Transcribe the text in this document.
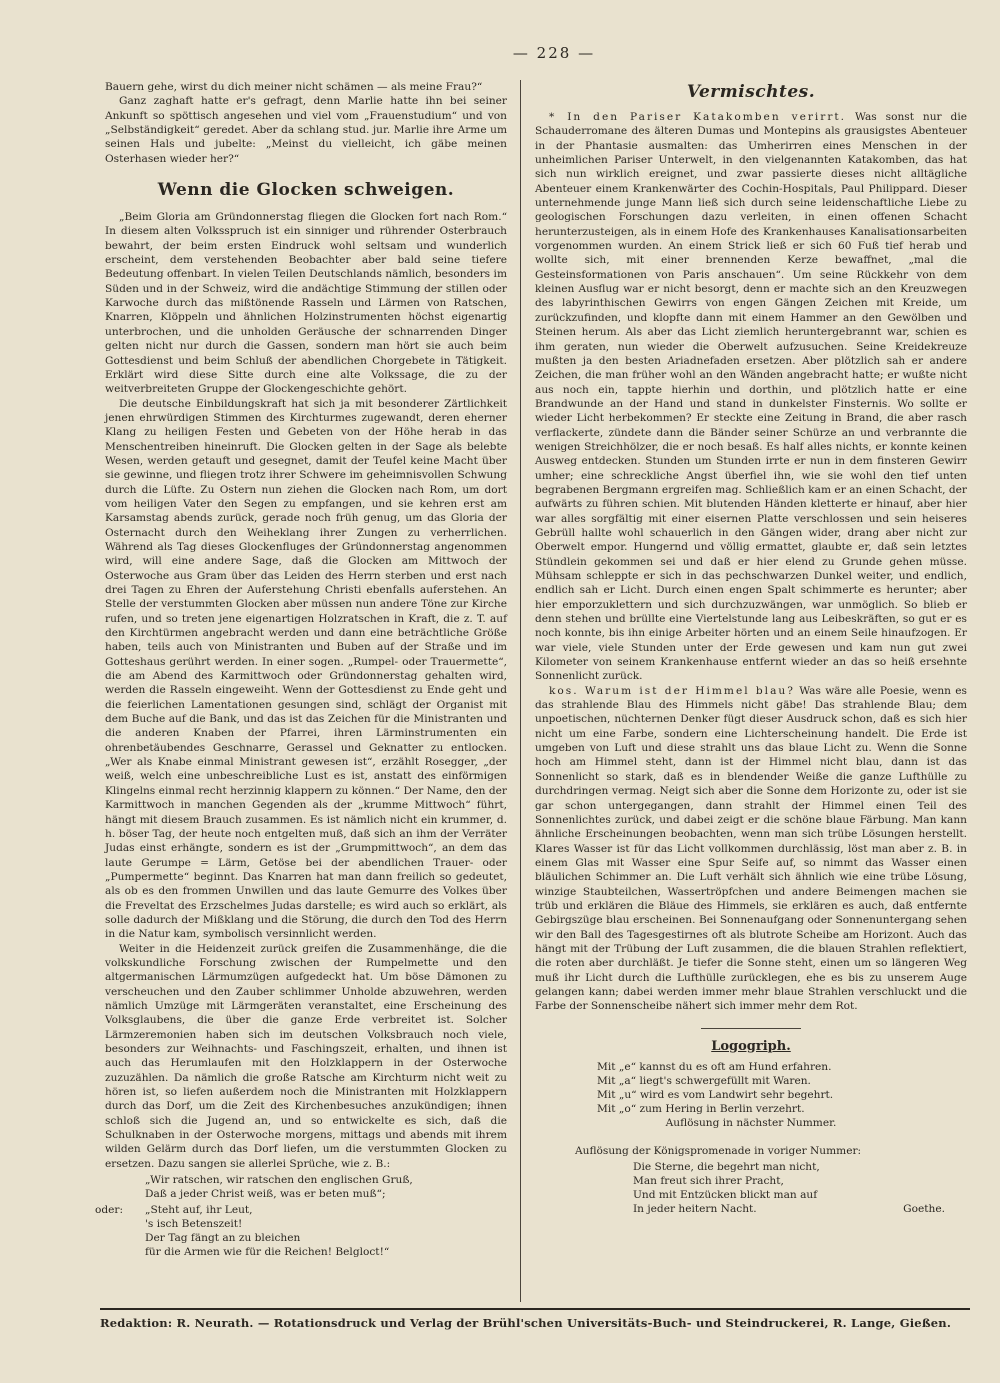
— 228 —

Bauern gehe, wirst du dich meiner nicht schämen — als meine Frau?“

Ganz zaghaft hatte er's gefragt, denn Marlie hatte ihn bei seiner Ankunft so spöttisch angesehen und viel vom „Frauenstudium“ und von „Selbständigkeit“ geredet. Aber da schlang stud. jur. Marlie ihre Arme um seinen Hals und jubelte: „Meinst du vielleicht, ich gäbe meinen Osterhasen wieder her?“

Wenn die Glocken schweigen.

„Beim Gloria am Gründonnerstag fliegen die Glocken fort nach Rom.“ In diesem alten Volksspruch ist ein sinniger und rührender Osterbrauch bewahrt, der beim ersten Eindruck wohl seltsam und wunderlich erscheint, dem verstehenden Beobachter aber bald seine tiefere Bedeutung offenbart. In vielen Teilen Deutschlands nämlich, besonders im Süden und in der Schweiz, wird die andächtige Stimmung der stillen oder Karwoche durch das mißtönende Rasseln und Lärmen von Ratschen, Knarren, Klöppeln und ähnlichen Holzinstrumenten höchst eigenartig unterbrochen, und die unholden Geräusche der schnarrenden Dinger gelten nicht nur durch die Gassen, sondern man hört sie auch beim Gottesdienst und beim Schluß der abendlichen Chorgebete in Tätigkeit. Erklärt wird diese Sitte durch eine alte Volkssage, die zu der weitverbreiteten Gruppe der Glockengeschichte gehört.

Die deutsche Einbildungskraft hat sich ja mit besonderer Zärtlichkeit jenen ehrwürdigen Stimmen des Kirchturmes zugewandt, deren eherner Klang zu heiligen Festen und Gebeten von der Höhe herab in das Menschentreiben hineinruft. Die Glocken gelten in der Sage als belebte Wesen, werden getauft und gesegnet, damit der Teufel keine Macht über sie gewinne, und fliegen trotz ihrer Schwere im geheimnisvollen Schwung durch die Lüfte. Zu Ostern nun ziehen die Glocken nach Rom, um dort vom heiligen Vater den Segen zu empfangen, und sie kehren erst am Karsamstag abends zurück, gerade noch früh genug, um das Gloria der Osternacht durch den Weiheklang ihrer Zungen zu verherrlichen. Während als Tag dieses Glockenfluges der Gründonnerstag angenommen wird, will eine andere Sage, daß die Glocken am Mittwoch der Osterwoche aus Gram über das Leiden des Herrn sterben und erst nach drei Tagen zu Ehren der Auferstehung Christi ebenfalls auferstehen. An Stelle der verstummten Glocken aber müssen nun andere Töne zur Kirche rufen, und so treten jene eigenartigen Holzratschen in Kraft, die z. T. auf den Kirchtürmen angebracht werden und dann eine beträchtliche Größe haben, teils auch von Ministranten und Buben auf der Straße und im Gotteshaus gerührt werden. In einer sogen. „Rumpel- oder Trauermette“, die am Abend des Karmittwoch oder Gründonnerstag gehalten wird, werden die Rasseln eingeweiht. Wenn der Gottesdienst zu Ende geht und die feierlichen Lamentationen gesungen sind, schlägt der Organist mit dem Buche auf die Bank, und das ist das Zeichen für die Ministranten und die anderen Knaben der Pfarrei, ihren Lärminstrumenten ein ohrenbetäubendes Geschnarre, Gerassel und Geknatter zu entlocken. „Wer als Knabe einmal Ministrant gewesen ist“, erzählt Rosegger, „der weiß, welch eine unbeschreibliche Lust es ist, anstatt des einförmigen Klingelns einmal recht herzinnig klappern zu können.“ Der Name, den der Karmittwoch in manchen Gegenden als der „krumme Mittwoch“ führt, hängt mit diesem Brauch zusammen. Es ist nämlich nicht ein krummer, d. h. böser Tag, der heute noch entgelten muß, daß sich an ihm der Verräter Judas einst erhängte, sondern es ist der „Grumpmittwoch“, an dem das laute Gerumpe = Lärm, Getöse bei der abendlichen Trauer- oder „Pumpermette“ beginnt. Das Knarren hat man dann freilich so gedeutet, als ob es den frommen Unwillen und das laute Gemurre des Volkes über die Freveltat des Erzschelmes Judas darstelle; es wird auch so erklärt, als solle dadurch der Mißklang und die Störung, die durch den Tod des Herrn in die Natur kam, symbolisch versinnlicht werden.

Weiter in die Heidenzeit zurück greifen die Zusammenhänge, die die volkskundliche Forschung zwischen der Rumpelmette und den altgermanischen Lärmumzügen aufgedeckt hat. Um böse Dämonen zu verscheuchen und den Zauber schlimmer Unholde abzuwehren, werden nämlich Umzüge mit Lärmgeräten veranstaltet, eine Erscheinung des Volksglaubens, die über die ganze Erde verbreitet ist. Solcher Lärmzeremonien haben sich im deutschen Volksbrauch noch viele, besonders zur Weihnachts- und Faschingszeit, erhalten, und ihnen ist auch das Herumlaufen mit den Holzklappern in der Osterwoche zuzuzählen. Da nämlich die große Ratsche am Kirchturm nicht weit zu hören ist, so liefen außerdem noch die Ministranten mit Holzklappern durch das Dorf, um die Zeit des Kirchenbesuches anzukündigen; ihnen schloß sich die Jugend an, und so entwickelte es sich, daß die Schulknaben in der Osterwoche morgens, mittags und abends mit ihrem wilden Gelärm durch das Dorf liefen, um die verstummten Glocken zu ersetzen. Dazu sangen sie allerlei Sprüche, wie z. B.:

„Wir ratschen, wir ratschen den englischen Gruß,
Daß a jeder Christ weiß, was er beten muß“;
oder: „Steht auf, ihr Leut,
's isch Betenszeit!
Der Tag fängt an zu bleichen
für die Armen wie für die Reichen! Belgloct!“
Vermischtes.

* In den Pariser Katakomben verirrt. Was sonst nur die Schauderromane des älteren Dumas und Montepins als grausigstes Abenteuer in der Phantasie ausmalten: das Umherirren eines Menschen in der unheimlichen Pariser Unterwelt, in den vielgenannten Katakomben, das hat sich nun wirklich ereignet, und zwar passierte dieses nicht alltägliche Abenteuer einem Krankenwärter des Cochin-Hospitals, Paul Philippard. Dieser unternehmende junge Mann ließ sich durch seine leidenschaftliche Liebe zu geologischen Forschungen dazu verleiten, in einen offenen Schacht herunterzusteigen, als in einem Hofe des Krankenhauses Kanalisationsarbeiten vorgenommen wurden. An einem Strick ließ er sich 60 Fuß tief herab und wollte sich, mit einer brennenden Kerze bewaffnet, „mal die Gesteinsformationen von Paris anschauen“. Um seine Rückkehr von dem kleinen Ausflug war er nicht besorgt, denn er machte sich an den Kreuzwegen des labyrinthischen Gewirrs von engen Gängen Zeichen mit Kreide, um zurückzufinden, und klopfte dann mit einem Hammer an den Gewölben und Steinen herum. Als aber das Licht ziemlich heruntergebrannt war, schien es ihm geraten, nun wieder die Oberwelt aufzusuchen. Seine Kreidekreuze mußten ja den besten Ariadnefaden ersetzen. Aber plötzlich sah er andere Zeichen, die man früher wohl an den Wänden angebracht hatte; er wußte nicht aus noch ein, tappte hierhin und dorthin, und plötzlich hatte er eine Brandwunde an der Hand und stand in dunkelster Finsternis. Wo sollte er wieder Licht herbekommen? Er steckte eine Zeitung in Brand, die aber rasch verflackerte, zündete dann die Bänder seiner Schürze an und verbrannte die wenigen Streichhölzer, die er noch besaß. Es half alles nichts, er konnte keinen Ausweg entdecken. Stunden um Stunden irrte er nun in dem finsteren Gewirr umher; eine schreckliche Angst überfiel ihn, wie sie wohl den tief unten begrabenen Bergmann ergreifen mag. Schließlich kam er an einen Schacht, der aufwärts zu führen schien. Mit blutenden Händen kletterte er hinauf, aber hier war alles sorgfältig mit einer eisernen Platte verschlossen und sein heiseres Gebrüll hallte wohl schauerlich in den Gängen wider, drang aber nicht zur Oberwelt empor. Hungernd und völlig ermattet, glaubte er, daß sein letztes Stündlein gekommen sei und daß er hier elend zu Grunde gehen müsse. Mühsam schleppte er sich in das pechschwarzen Dunkel weiter, und endlich, endlich sah er Licht. Durch einen engen Spalt schimmerte es herunter; aber hier emporzuklettern und sich durchzuzwängen, war unmöglich. So blieb er denn stehen und brüllte eine Viertelstunde lang aus Leibeskräften, so gut er es noch konnte, bis ihn einige Arbeiter hörten und an einem Seile hinaufzogen. Er war viele, viele Stunden unter der Erde gewesen und kam nun gut zwei Kilometer von seinem Krankenhause entfernt wieder an das so heiß ersehnte Sonnenlicht zurück.

kos. Warum ist der Himmel blau? Was wäre alle Poesie, wenn es das strahlende Blau des Himmels nicht gäbe! Das strahlende Blau; dem unpoetischen, nüchternen Denker fügt dieser Ausdruck schon, daß es sich hier nicht um eine Farbe, sondern eine Lichterscheinung handelt. Die Erde ist umgeben von Luft und diese strahlt uns das blaue Licht zu. Wenn die Sonne hoch am Himmel steht, dann ist der Himmel nicht blau, dann ist das Sonnenlicht so stark, daß es in blendender Weiße die ganze Lufthülle zu durchdringen vermag. Neigt sich aber die Sonne dem Horizonte zu, oder ist sie gar schon untergegangen, dann strahlt der Himmel einen Teil des Sonnenlichtes zurück, und dabei zeigt er die schöne blaue Färbung. Man kann ähnliche Erscheinungen beobachten, wenn man sich trübe Lösungen herstellt. Klares Wasser ist für das Licht vollkommen durchlässig, löst man aber z. B. in einem Glas mit Wasser eine Spur Seife auf, so nimmt das Wasser einen bläulichen Schimmer an. Die Luft verhält sich ähnlich wie eine trübe Lösung, winzige Staubteilchen, Wassertröpfchen und andere Beimengen machen sie trüb und erklären die Bläue des Himmels, sie erklären es auch, daß entfernte Gebirgszüge blau erscheinen. Bei Sonnenaufgang oder Sonnenuntergang sehen wir den Ball des Tagesgestirnes oft als blutrote Scheibe am Horizont. Auch das hängt mit der Trübung der Luft zusammen, die die blauen Strahlen reflektiert, die roten aber durchläßt. Je tiefer die Sonne steht, einen um so längeren Weg muß ihr Licht durch die Lufthülle zurücklegen, ehe es bis zu unserem Auge gelangen kann; dabei werden immer mehr blaue Strahlen verschluckt und die Farbe der Sonnenscheibe nähert sich immer mehr dem Rot.

Logogriph.
Mit „e“ kannst du es oft am Hund erfahren.
Mit „a“ liegt's schwergefüllt mit Waren.
Mit „u“ wird es vom Landwirt sehr begehrt.
Mit „o“ zum Hering in Berlin verzehrt.
Auflösung in nächster Nummer.
Auflösung der Königspromenade in voriger Nummer:
Die Sterne, die begehrt man nicht,
Man freut sich ihrer Pracht,
Und mit Entzücken blickt man auf
In jeder heitern Nacht.	Goethe.
Redaktion: R. Neurath. — Rotationsdruck und Verlag der Brühl'schen Universitäts-Buch- und Steindruckerei, R. Lange, Gießen.
